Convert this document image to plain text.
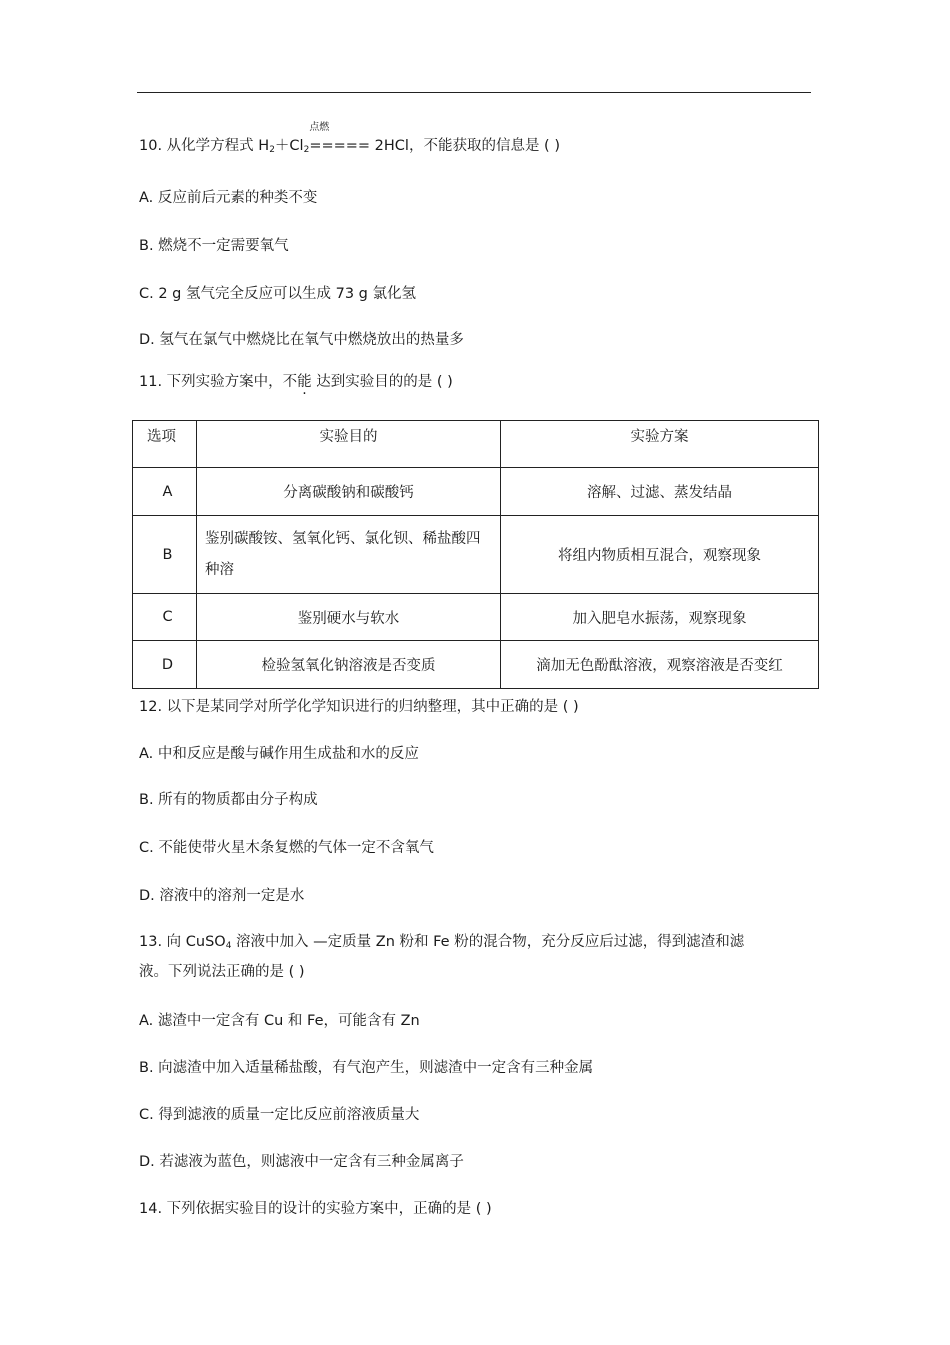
10. 从化学方程式 $H_2+Cl_2$
点燃
===== 2HCl，不能获取的信息是 ( )
A. 反应前后元素的种类不变
B. 燃烧不一定需要氧气
C. 2 g 氢气完全反应可以生成 73 g 氯化氢
D. 氢气在氯气中燃烧比在氧气中燃烧放出的热量多
11. 下列实验方案中，不能 达到实验目的的是 ( )
选项	实验目的	实验方案
A	分离碳酸钠和碳酸钙	溶解、过滤、蒸发结晶
B	鉴别碳酸铵、氢氧化钙、氯化钡、稀盐酸四种溶	将组内物质相互混合，观察现象
C	鉴别硬水与软水	加入肥皂水振荡，观察现象
D	检验氢氧化钠溶液是否变质	滴加无色酚酞溶液，观察溶液是否变红
12. 以下是某同学对所学化学知识进行的归纳整理，其中正确的是 ( )
A. 中和反应是酸与碱作用生成盐和水的反应
B. 所有的物质都由分子构成
C. 不能使带火星木条复燃的气体一定不含氧气
D. 溶液中的溶剂一定是水
13. 向 CuSO$_4$ 溶液中加入 —定质量 Zn 粉和 Fe 粉的混合物，充分反应后过滤，得到滤渣和滤
液。下列说法正确的是 ( )
A. 滤渣中一定含有 Cu 和 Fe，可能含有 Zn
B. 向滤渣中加入适量稀盐酸，有气泡产生，则滤渣中一定含有三种金属
C. 得到滤液的质量一定比反应前溶液质量大
D. 若滤液为蓝色，则滤液中一定含有三种金属离子
14. 下列依据实验目的设计的实验方案中，正确的是 ( )
